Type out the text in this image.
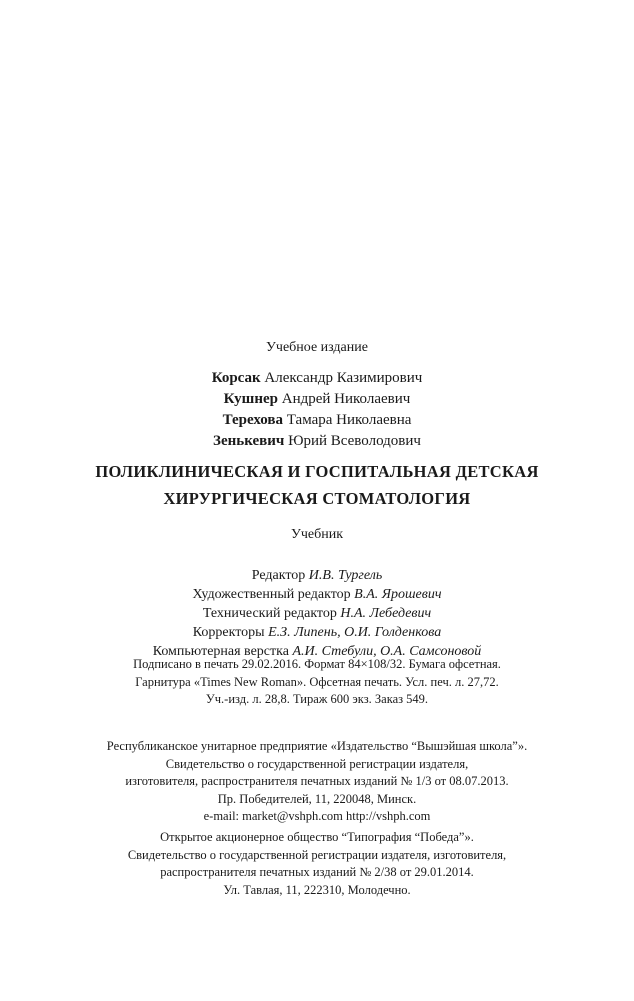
Учебное издание
Корсак Александр Казимирович
Кушнер Андрей Николаевич
Терехова Тамара Николаевна
Зенькевич Юрий Всеволодович
ПОЛИКЛИНИЧЕСКАЯ И ГОСПИТАЛЬНАЯ ДЕТСКАЯ
ХИРУРГИЧЕСКАЯ СТОМАТОЛОГИЯ
Учебник
Редактор И.В. Тургель
Художественный редактор В.А. Ярошевич
Технический редактор Н.А. Лебедевич
Корректоры Е.З. Липень, О.И. Голденкова
Компьютерная верстка А.И. Стебули, О.А. Самсоновой
Подписано в печать 29.02.2016. Формат 84×108/32. Бумага офсетная.
Гарнитура «Times New Roman». Офсетная печать. Усл. печ. л. 27,72.
Уч.-изд. л. 28,8. Тираж 600 экз. Заказ 549.
Республиканское унитарное предприятие «Издательство “Вышэйшая школа”».
Свидетельство о государственной регистрации издателя,
изготовителя, распространителя печатных изданий № 1/3 от 08.07.2013.
Пр. Победителей, 11, 220048, Минск.
e-mail: market@vshph.com http://vshph.com
Открытое акционерное общество “Типография “Победа”».
Свидетельство о государственной регистрации издателя, изготовителя,
распространителя печатных изданий № 2/38 от 29.01.2014.
Ул. Тавлая, 11, 222310, Молодечно.
